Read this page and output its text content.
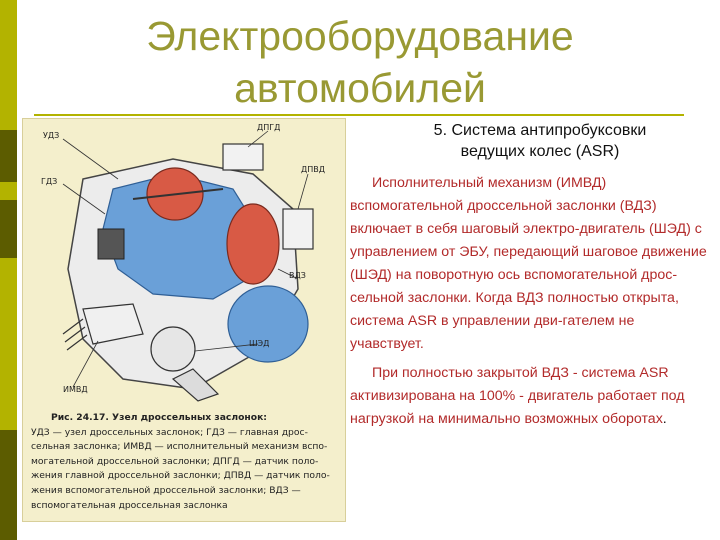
Электрооборудование
автомобилей
УДЗ
ГДЗ
ДПГД
ДПВД
ВДЗ
ШЭД
ИМВД
Рис. 24.17. Узел дроссельных заслонок:
УДЗ — узел дроссельных заслонок; ГДЗ — главная дрос-
сельная заслонка; ИМВД — исполнительный механизм вспо-
могательной дроссельной заслонки; ДПГД — датчик поло-
жения главной дроссельной заслонки; ДПВД — датчик поло-
жения вспомогательной дроссельной заслонки; ВДЗ —
вспомогательная дроссельная заслонка
5. Система антипробуксовки
ведущих колес (ASR)

Исполнительный механизм (ИМВД) вспомогательной дроссельной заслонки (ВДЗ) включает в себя шаговый электро-двигатель (ШЭД) с управлением от ЭБУ, передающий шаговое движение (ШЭД) на поворотную ось вспомогательной дрос-сельной заслонки. Когда ВДЗ полностью открыта, система ASR в управлении дви-гателем не учавствует.

При полностью закрытой ВДЗ - система ASR активизирована на 100% - двигатель работает под нагрузкой на минимально возможных оборотах.
